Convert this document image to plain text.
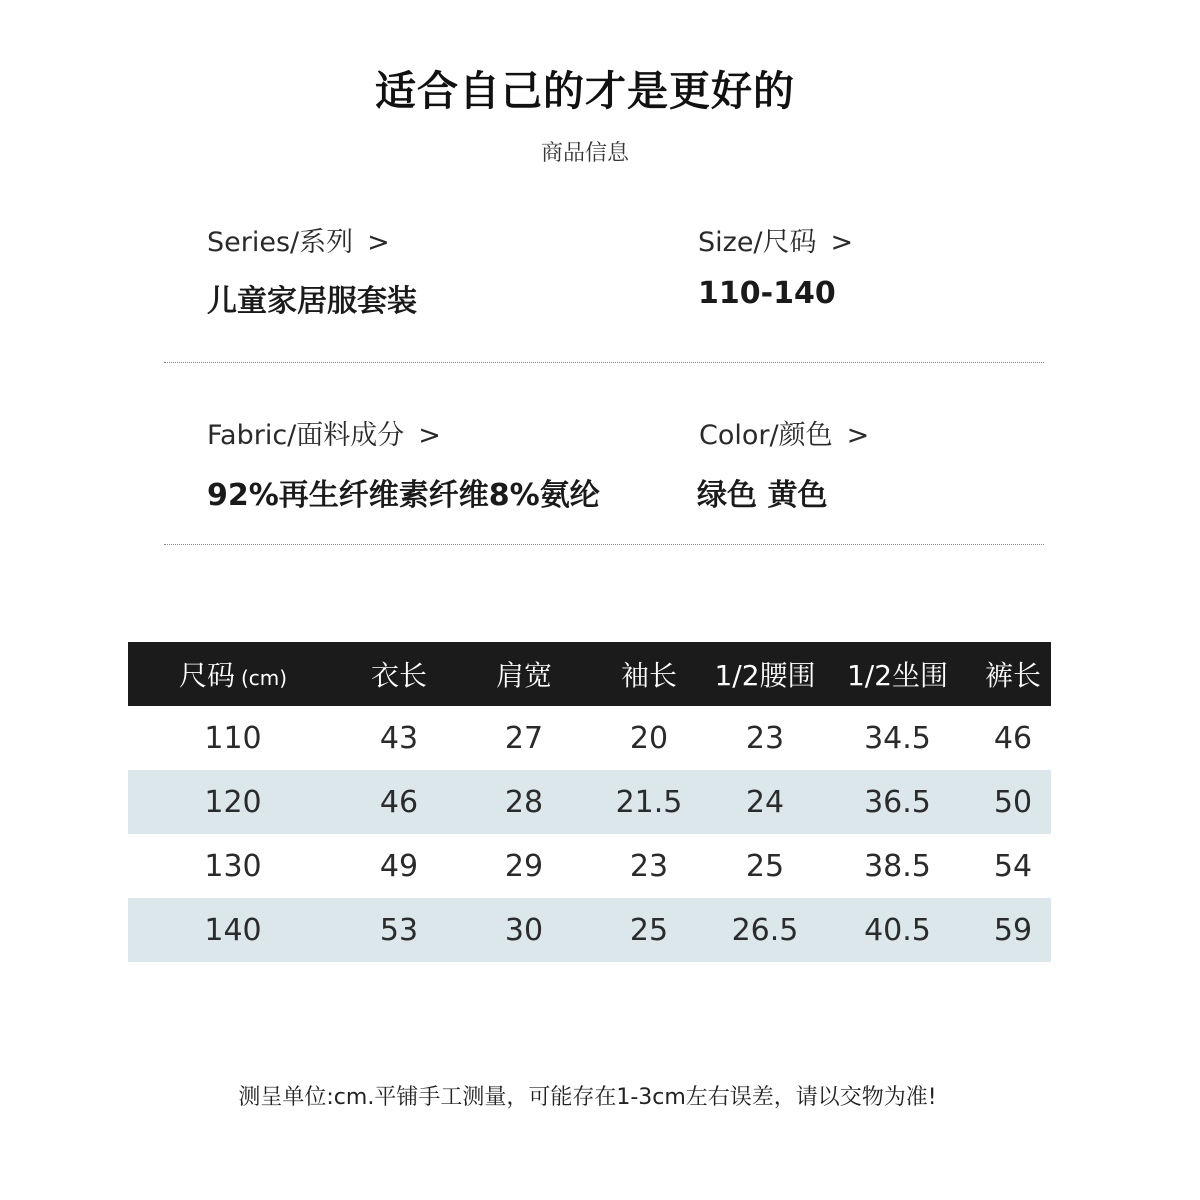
适合自己的才是更好的
商品信息
Series/系列 >
儿童家居服套装
Size/尺码 >
110-140
Fabric/面料成分 >
92%再生纤维素纤维8%氨纶
Color/颜色 >
绿色 黄色
尺码 (cm)	衣长	肩宽	袖长	1/2腰围	1/2坐围	裤长
110	43	27	20	23	34.5	46
120	46	28	21.5	24	36.5	50
130	49	29	23	25	38.5	54
140	53	30	25	26.5	40.5	59
测呈单位:cm.平铺手工测量，可能存在1-3cm左右误差，请以交物为准!
